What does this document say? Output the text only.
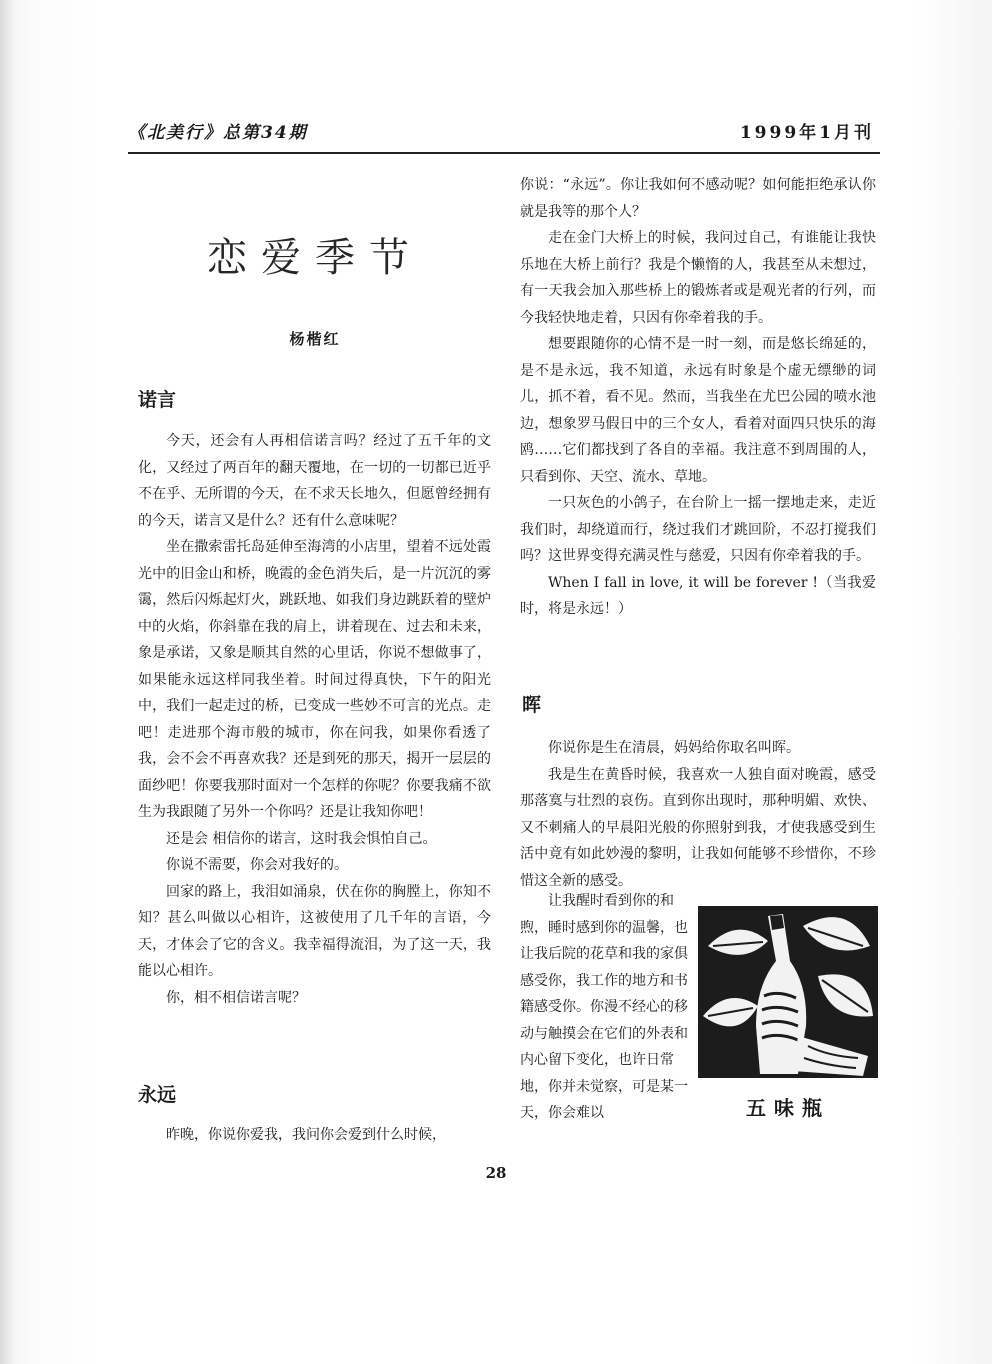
《北美行》总第34期	1999年1月刊
恋爱季节
杨楷红
诺言

今天，还会有人再相信诺言吗？经过了五千年的文化，又经过了两百年的翻天覆地，在一切的一切都已近乎不在乎、无所谓的今天，在不求天长地久，但愿曾经拥有的今天，诺言又是什么？还有什么意味呢？

坐在撒索雷托岛延伸至海湾的小店里，望着不远处霞光中的旧金山和桥，晚霞的金色消失后，是一片沉沉的雾霭，然后闪烁起灯火，跳跃地、如我们身边跳跃着的壁炉中的火焰，你斜靠在我的肩上，讲着现在、过去和未来，象是承诺，又象是顺其自然的心里话，你说不想做事了，如果能永远这样同我坐着。时间过得真快，下午的阳光中，我们一起走过的桥，已变成一些妙不可言的光点。走吧！走进那个海市般的城市，你在问我，如果你看透了我，会不会不再喜欢我？还是到死的那天，揭开一层层的面纱吧！你要我那时面对一个怎样的你呢？你要我痛不欲生为我跟随了另外一个你吗？还是让我知你吧！

还是会 相信你的诺言，这时我会惧怕自己。

你说不需要，你会对我好的。

回家的路上，我泪如涌泉，伏在你的胸膛上，你知不知？甚么叫做以心相许，这被使用了几千年的言语，今天，才体会了它的含义。我幸福得流泪，为了这一天，我能以心相许。

你，相不相信诺言呢？

永远

昨晚，你说你爱我，我问你会爱到什么时候，

你说：“永远”。你让我如何不感动呢？如何能拒绝承认你就是我等的那个人？

走在金门大桥上的时候，我问过自己，有谁能让我快乐地在大桥上前行？我是个懒惰的人，我甚至从未想过，有一天我会加入那些桥上的锻炼者或是观光者的行列，而今我轻快地走着，只因有你牵着我的手。

想要跟随你的心情不是一时一刻，而是悠长绵延的，是不是永远，我不知道，永远有时象是个虚无缥缈的词儿，抓不着，看不见。然而，当我坐在尤巴公园的喷水池边，想象罗马假日中的三个女人，看着对面四只快乐的海鸥……它们都找到了各自的幸福。我注意不到周围的人，只看到你、天空、流水、草地。

一只灰色的小鸽子，在台阶上一摇一摆地走来，走近我们时，却绕道而行，绕过我们才跳回阶，不忍打搅我们吗？这世界变得充满灵性与慈爱，只因有你牵着我的手。

When I fall in love, it will be forever !（当我爱时，将是永远！）

晖

你说你是生在清晨，妈妈给你取名叫晖。

我是生在黄昏时候，我喜欢一人独自面对晚霞，感受那落寞与壮烈的哀伤。直到你出现时，那种明媚、欢快、又不刺痛人的早晨阳光般的你照射到我，才使我感受到生活中竟有如此妙漫的黎明，让我如何能够不珍惜你，不珍惜这全新的感受。

让我醒时看到你的和煦，睡时感到你的温馨，也让我后院的花草和我的家俱感受你，我工作的地方和书籍感受你。你漫不经心的移动与触摸会在它们的外表和内心留下变化，也许日常地，你并未觉察，可是某一天，你会难以	五味瓶
28
